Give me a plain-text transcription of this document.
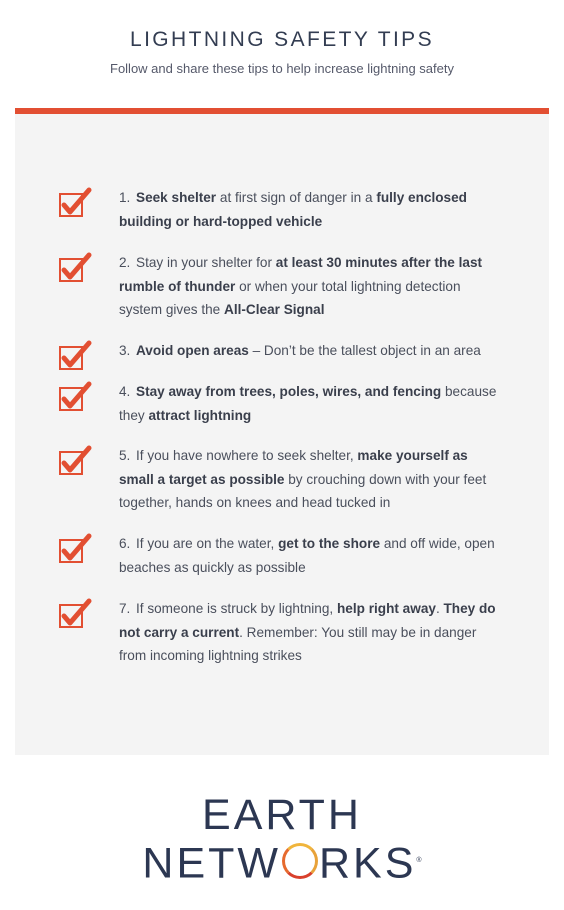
LIGHTNING SAFETY TIPS

Follow and share these tips to help increase lightning safety

1. Seek shelter at first sign of danger in a fully enclosed building or hard-topped vehicle
2. Stay in your shelter for at least 30 minutes after the last rumble of thunder or when your total lightning detection system gives the All-Clear Signal
3. Avoid open areas – Don’t be the tallest object in an area
4. Stay away from trees, poles, wires, and fencing because they attract lightning
5. If you have nowhere to seek shelter, make yourself as small a target as possible by crouching down with your feet together, hands on knees and head tucked in
6. If you are on the water, get to the shore and off wide, open beaches as quickly as possible
7. If someone is struck by lightning, help right away. They do not carry a current. Remember: You still may be in danger from incoming lightning strikes
EARTH
NETW RKS®
